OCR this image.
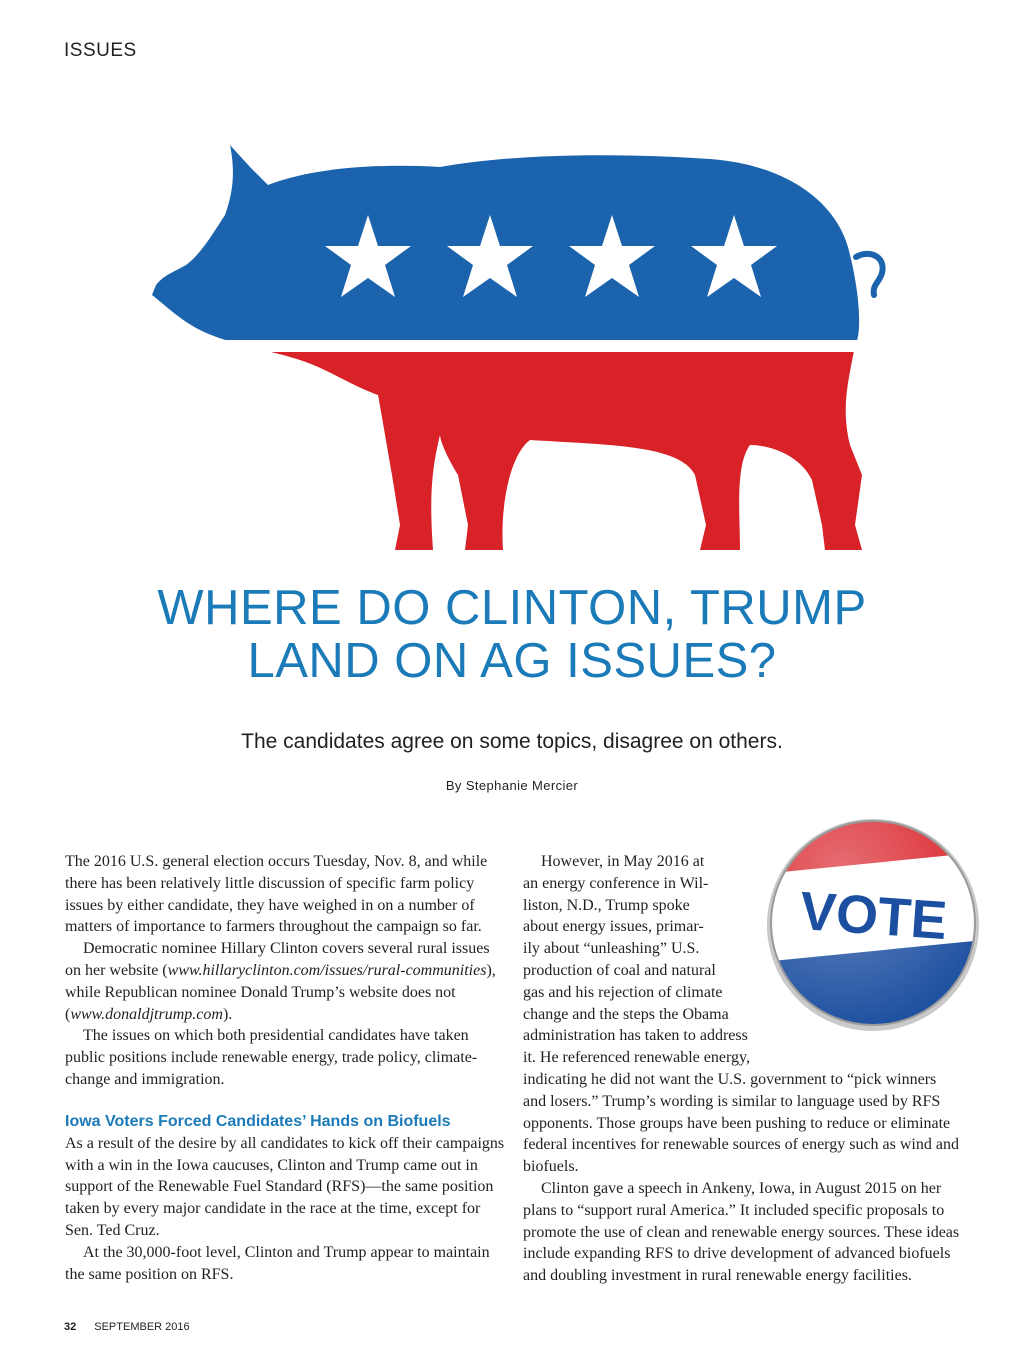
ISSUES
WHERE DO CLINTON, TRUMP
LAND ON AG ISSUES?
The candidates agree on some topics, disagree on others.
By Stephanie Mercier

The 2016 U.S. general election occurs Tuesday, Nov. 8, and while there has been relatively little discussion of specific farm policy issues by either candidate, they have weighed in on a number of matters of importance to farmers throughout the campaign so far.

Democratic nominee Hillary Clinton covers several rural issues on her website (www.hillaryclinton.com/issues/rural-communities), while Republican nominee Donald Trump’s website does not (www.donaldjtrump.com).

The issues on which both presidential candidates have taken public positions include renewable energy, trade policy, climate-change and immigration.

Iowa Voters Forced Candidates’ Hands on Biofuels

As a result of the desire by all candidates to kick off their campaigns with a win in the Iowa caucuses, Clinton and Trump came out in support of the Renewable Fuel Standard (RFS)—the same position taken by every major candidate in the race at the time, except for Sen. Ted Cruz.

At the 30,000-foot level, Clinton and Trump appear to maintain the same position on RFS.

However, in May 2016 at
an energy conference in Wil-
liston, N.D., Trump spoke
about energy issues, primar-
ily about “unleashing” U.S.
production of coal and natural
gas and his rejection of climate
change and the steps the Obama
administration has taken to address
it. He referenced renewable energy,
indicating he did not want the U.S. government to “pick winners and losers.” Trump’s wording is similar to language used by RFS opponents. Those groups have been pushing to reduce or eliminate federal incentives for renewable sources of energy such as wind and biofuels.

Clinton gave a speech in Ankeny, Iowa, in August 2015 on her plans to “support rural America.” It included specific proposals to promote the use of clean and renewable energy sources. These ideas include expanding RFS to drive development of advanced biofuels and doubling investment in rural renewable energy facilities.

VOTE
32 SEPTEMBER 2016
